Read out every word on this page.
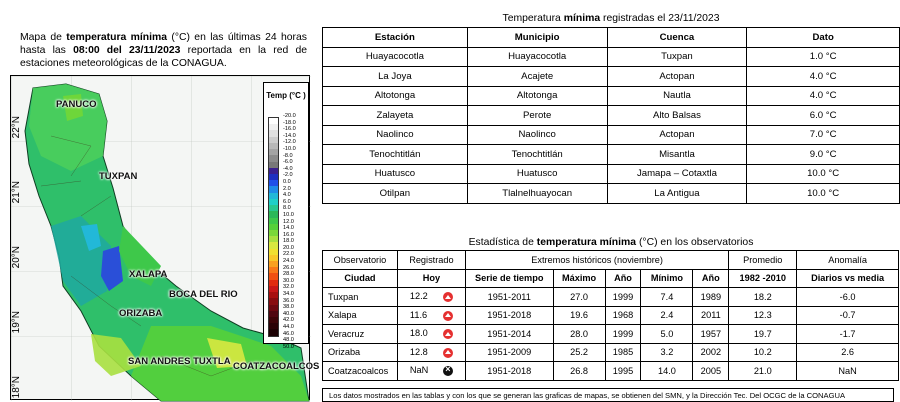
Mapa de temperatura mínima (°C) en las últimas 24 horas hasta las 08:00 del 23/11/2023 reportada en la red de estaciones meteorológicas de la CONAGUA.
22°N
21°N
20°N
19°N
18°N
PANUCO
TUXPAN
XALAPA
BOCA DEL RIO
ORIZABA
SAN ANDRES TUXTLA COATZACOALCOS
Temp (°C )
-20.0
-18.0
-16.0
-14.0
-12.0
-10.0
-8.0
-6.0
-4.0
-2.0
0.0
2.0
4.0
6.0
8.0
10.0
12.0
14.0
16.0
18.0
20.0
22.0
24.0
26.0
28.0
30.0
32.0
34.0
36.0
38.0
40.0
42.0
44.0
46.0
48.0
50.0
Temperatura mínima registradas el 23/11/2023
Estación	Municipio	Cuenca	Dato
Huayacocotla	Huayacocotla	Tuxpan	1.0 °C
La Joya	Acajete	Actopan	4.0 °C
Altotonga	Altotonga	Nautla	4.0 °C
Zalayeta	Perote	Alto Balsas	6.0 °C
Naolinco	Naolinco	Actopan	7.0 °C
Tenochtitlán	Tenochtitlán	Misantla	9.0 °C
Huatusco	Huatusco	Jamapa – Cotaxtla	10.0 °C
Otilpan	Tlalnelhuayocan	La Antigua	10.0 °C
Estadística de temperatura mínima (°C) en los observatorios
Observatorio	Registrado	Extremos históricos (noviembre)					Promedio	Anomalía
Ciudad	Hoy	Serie de tiempo	Máximo	Año	Mínimo	Año	1982 -2010	Diarios vs media
Tuxpan	12.2	1951-2011	27.0	1999	7.4	1989	18.2	-6.0
Xalapa	11.6	1951-2018	19.6	1968	2.4	2011	12.3	-0.7
Veracruz	18.0	1951-2014	28.0	1999	5.0	1957	19.7	-1.7
Orizaba	12.8	1951-2009	25.2	1985	3.2	2002	10.2	2.6
Coatzacoalcos	NaN×	1951-2018	26.8	1995	14.0	2005	21.0	NaN
Los datos mostrados en las tablas y con los que se generan las graficas de mapas, se obtienen del SMN, y la Dirección Tec. Del OCGC de la CONAGUA
